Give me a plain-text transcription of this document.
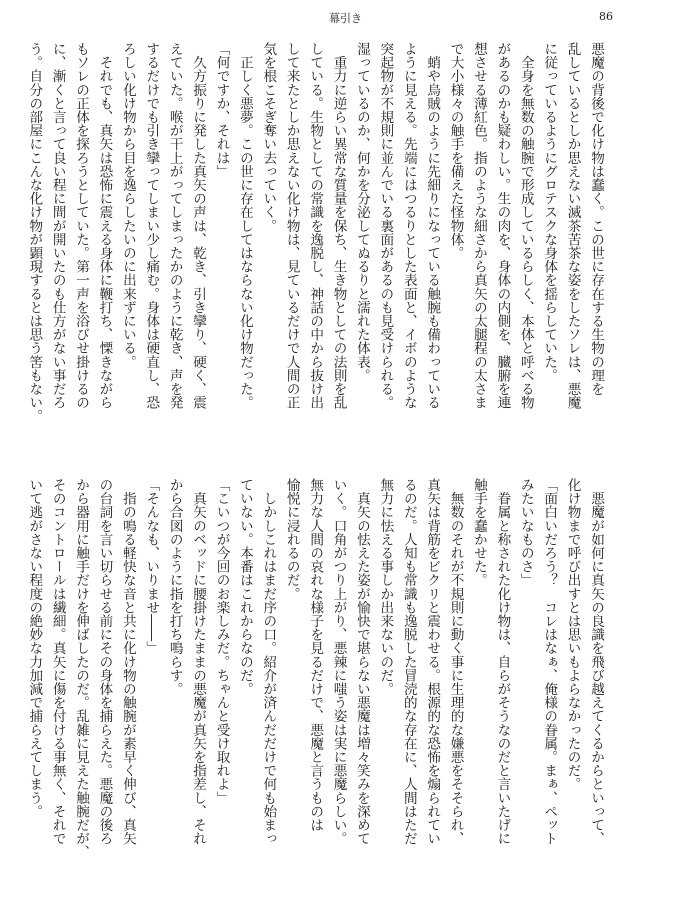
幕引き	86

悪魔の背後で化け物は蠢く。この世に存在する生物の理を

乱しているとしか思えない滅茶苦茶な姿をしたソレは、悪魔

に従っているようにグロテスクな身体を揺らしていた。

　全身を無数の触腕で形成しているらしく、本体と呼べる物

があるのかも疑わしい。生の肉を、身体の内側を、臓腑を連

想させる薄紅色。指のような細さから真矢の太腿程の太さま

で大小様々の触手を備えた怪物体。

　蛸や烏賊のように先細りになっている触腕も備わっている

ように見える。先端にはつるりとした表面と、イボのような

突起物が不規則に並んでいる裏面があるのも見受けられる。

湿っているのか、何かを分泌してぬるりと濡れた体表。

　重力に逆らい異常な質量を保ち、生き物としての法則を乱

している。生物としての常識を逸脱し、神話の中から抜け出

して来たとしか思えない化け物は、見ているだけで人間の正

気を根こそぎ奪い去っていく。

　正しく悪夢。この世に存在してはならない化け物だった。

「何ですか、それは」

　久方振りに発した真矢の声は、乾き、引き攣り、硬く、震

えていた。喉が干上がってしまったかのように乾き、声を発

するだけでも引き攣ってしまい少し痛む。身体は硬直し、恐

ろしい化け物から目を逸らしたいのに出来ずにいる。

　それでも、真矢は恐怖に震える身体に鞭打ち、慄きながら

もソレの正体を探ろうとしていた。第一声を浴びせ掛けるの

に、漸くと言って良い程に間が開いたのも仕方がない事だろ

う。自分の部屋にこんな化け物が顕現するとは思う筈もない。

　悪魔が如何に真矢の良識を飛び越えてくるからといって、

化け物まで呼び出すとは思いもよらなかったのだ。

「面白いだろう？　コレはなぁ、俺様の眷属。まぁ、ペット

みたいなものさ」

　眷属と称された化け物は、自らがそうなのだと言いたげに

触手を蠢かせた。

　無数のそれが不規則に動く事に生理的な嫌悪をそそられ、

真矢は背筋をビクリと震わせる。根源的な恐怖を煽られてい

るのだ。人知も常識も逸脱した冒涜的な存在に、人間はただ

無力に怯える事しか出来ないのだ。

　真矢の怯えた姿が愉快で堪らない悪魔は増々笑みを深めて

いく。口角がつり上がり、悪辣に嗤う姿は実に悪魔らしい。

無力な人間の哀れな様子を見るだけで、悪魔と言うものは

愉悦に浸れるのだ。

　しかしこれはまだ序の口。紹介が済んだだけで何も始まっ

ていない。本番はこれからなのだ。

「こいつが今回のお楽しみだ。ちゃんと受け取れよ」

　真矢のベッドに腰掛けたままの悪魔が真矢を指差し、それ

から合図のように指を打ち鳴らす。

「そんなも、いりませ――」

　指の鳴る軽快な音と共に化け物の触腕が素早く伸び、真矢

の台詞を言い切らせる前にその身体を捕らえた。悪魔の後ろ

から器用に触手だけを伸ばしたのだ。乱雑に見えた触腕だが、

そのコントロールは繊細。真矢に傷を付ける事無く、それで

いて逃がさない程度の絶妙な力加減で捕らえてしまう。
